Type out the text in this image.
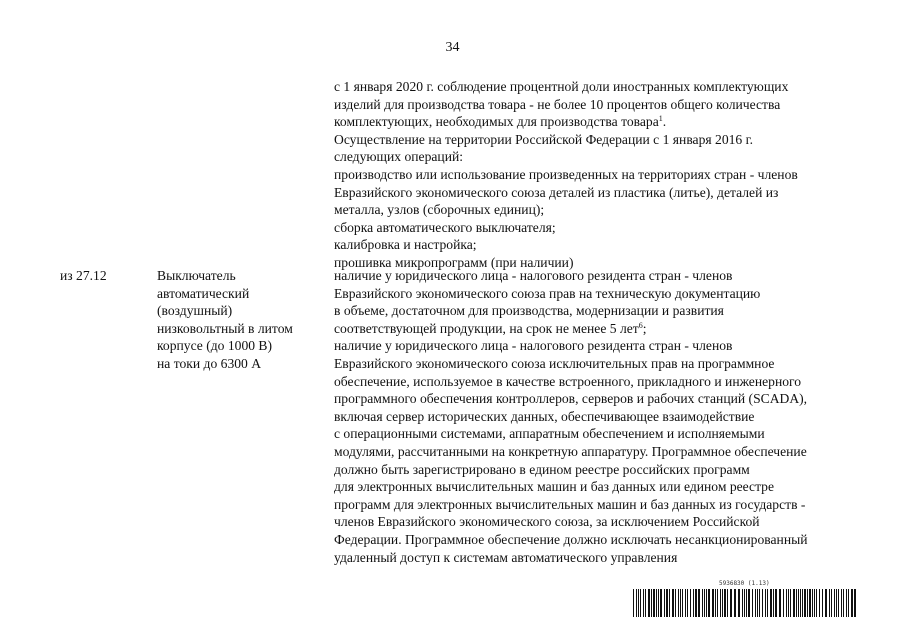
34
с 1 января 2020 г. соблюдение процентной доли иностранных комплектующих
изделий для производства товара - не более 10 процентов общего количества
комплектующих, необходимых для производства товара$^1$.
Осуществление на территории Российской Федерации с 1 января 2016 г.
следующих операций:
производство или использование произведенных на территориях стран - членов
Евразийского экономического союза деталей из пластика (литье), деталей из
металла, узлов (сборочных единиц);
сборка автоматического выключателя;
калибровка и настройка;
прошивка микропрограмм (при наличии)
из 27.12	Выключатель
автоматический
(воздушный)
низковольтный в литом
корпусе (до 1000 В)
на токи до 6300 А
наличие у юридического лица - налогового резидента стран - членов
Евразийского экономического союза прав на техническую документацию
в объеме, достаточном для производства, модернизации и развития
соответствующей продукции, на срок не менее 5 лет$^6$;
наличие у юридического лица - налогового резидента стран - членов
Евразийского экономического союза исключительных прав на программное
обеспечение, используемое в качестве встроенного, прикладного и инженерного
программного обеспечения контроллеров, серверов и рабочих станций (SCADA),
включая сервер исторических данных, обеспечивающее взаимодействие
с операционными системами, аппаратным обеспечением и исполняемыми
модулями, рассчитанными на конкретную аппаратуру. Программное обеспечение
должно быть зарегистрировано в едином реестре российских программ
для электронных вычислительных машин и баз данных или едином реестре
программ для электронных вычислительных машин и баз данных из государств -
членов Евразийского экономического союза, за исключением Российской
Федерации. Программное обеспечение должно исключать несанкционированный
удаленный доступ к системам автоматического управления
5936830 (1.13)
